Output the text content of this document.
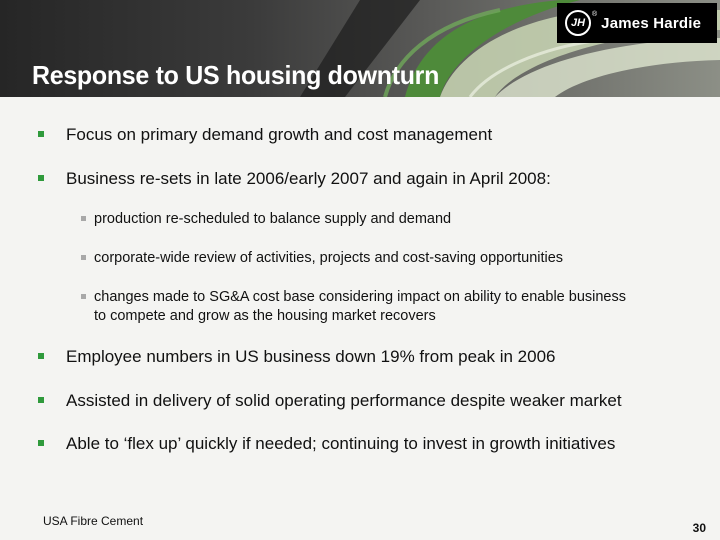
JH
® James Hardie
Response to US housing downturn
Focus on primary demand growth and cost management
Business re-sets in late 2006/early 2007 and again in April 2008:
production re-scheduled to balance supply and demand
corporate-wide review of activities, projects and cost-saving opportunities
changes made to SG&A cost base considering impact on ability to enable business to compete and grow as the housing market recovers
Employee numbers in US business down 19% from peak in 2006
Assisted in delivery of solid operating performance despite weaker market
Able to ‘flex up’ quickly if needed; continuing to invest in growth initiatives
USA Fibre Cement	30
